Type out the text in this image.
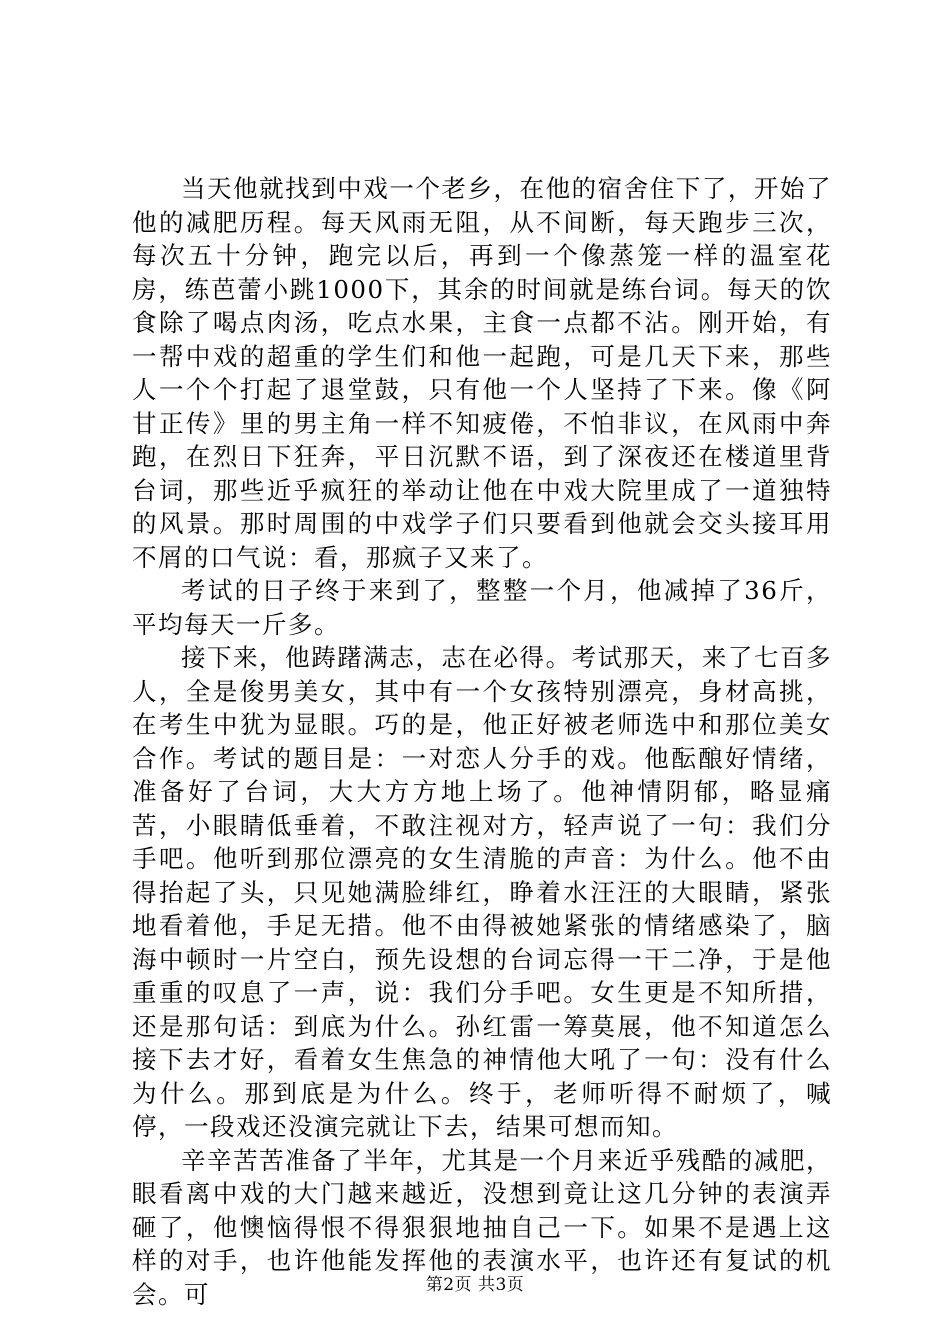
当天他就找到中戏一个老乡，在他的宿舍住下了，开始了他的减肥历程。每天风雨无阻，从不间断，每天跑步三次，每次五十分钟，跑完以后，再到一个像蒸笼一样的温室花房，练芭蕾小跳1000下，其余的时间就是练台词。每天的饮食除了喝点肉汤，吃点水果，主食一点都不沾。刚开始，有一帮中戏的超重的学生们和他一起跑，可是几天下来，那些人一个个打起了退堂鼓，只有他一个人坚持了下来。像《阿甘正传》里的男主角一样不知疲倦，不怕非议，在风雨中奔跑，在烈日下狂奔，平日沉默不语，到了深夜还在楼道里背台词，那些近乎疯狂的举动让他在中戏大院里成了一道独特的风景。那时周围的中戏学子们只要看到他就会交头接耳用不屑的口气说：看，那疯子又来了。

考试的日子终于来到了，整整一个月，他减掉了36斤，平均每天一斤多。

接下来，他踌躇满志，志在必得。考试那天，来了七百多人，全是俊男美女，其中有一个女孩特别漂亮，身材高挑，在考生中犹为显眼。巧的是，他正好被老师选中和那位美女合作。考试的题目是：一对恋人分手的戏。他酝酿好情绪，准备好了台词，大大方方地上场了。他神情阴郁，略显痛苦，小眼睛低垂着，不敢注视对方，轻声说了一句：我们分手吧。他听到那位漂亮的女生清脆的声音：为什么。他不由得抬起了头，只见她满脸绯红，睁着水汪汪的大眼睛，紧张地看着他，手足无措。他不由得被她紧张的情绪感染了，脑海中顿时一片空白，预先设想的台词忘得一干二净，于是他重重的叹息了一声，说：我们分手吧。女生更是不知所措，还是那句话：到底为什么。孙红雷一筹莫展，他不知道怎么接下去才好，看着女生焦急的神情他大吼了一句：没有什么为什么。那到底是为什么。终于，老师听得不耐烦了，喊停，一段戏还没演完就让下去，结果可想而知。

辛辛苦苦准备了半年，尤其是一个月来近乎残酷的减肥，眼看离中戏的大门越来越近，没想到竟让这几分钟的表演弄砸了，他懊恼得恨不得狠狠地抽自己一下。如果不是遇上这样的对手，也许他能发挥他的表演水平，也许还有复试的机会。可	第2页 共3页
